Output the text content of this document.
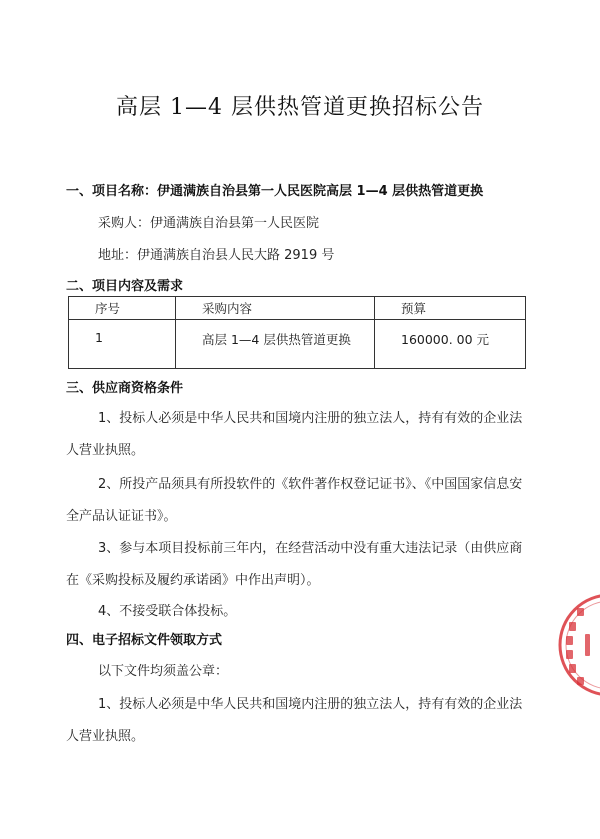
高层 1—4 层供热管道更换招标公告
一、项目名称：伊通满族自治县第一人民医院高层 1—4 层供热管道更换
采购人：伊通满族自治县第一人民医院
地址：伊通满族自治县人民大路 2919 号
二、项目内容及需求
序号	采购内容	预算
1	高层 1—4 层供热管道更换	160000. 00 元
三、供应商资格条件
1、投标人必须是中华人民共和国境内注册的独立法人，持有有效的企业法
人营业执照。
2、所投产品须具有所投软件的《软件著作权登记证书》、《中国国家信息安
全产品认证证书》。
3、参与本项目投标前三年内，在经营活动中没有重大违法记录（由供应商
在《采购投标及履约承诺函》中作出声明）。
4、不接受联合体投标。
四、电子招标文件领取方式
以下文件均须盖公章：
1、投标人必须是中华人民共和国境内注册的独立法人，持有有效的企业法
人营业执照。
